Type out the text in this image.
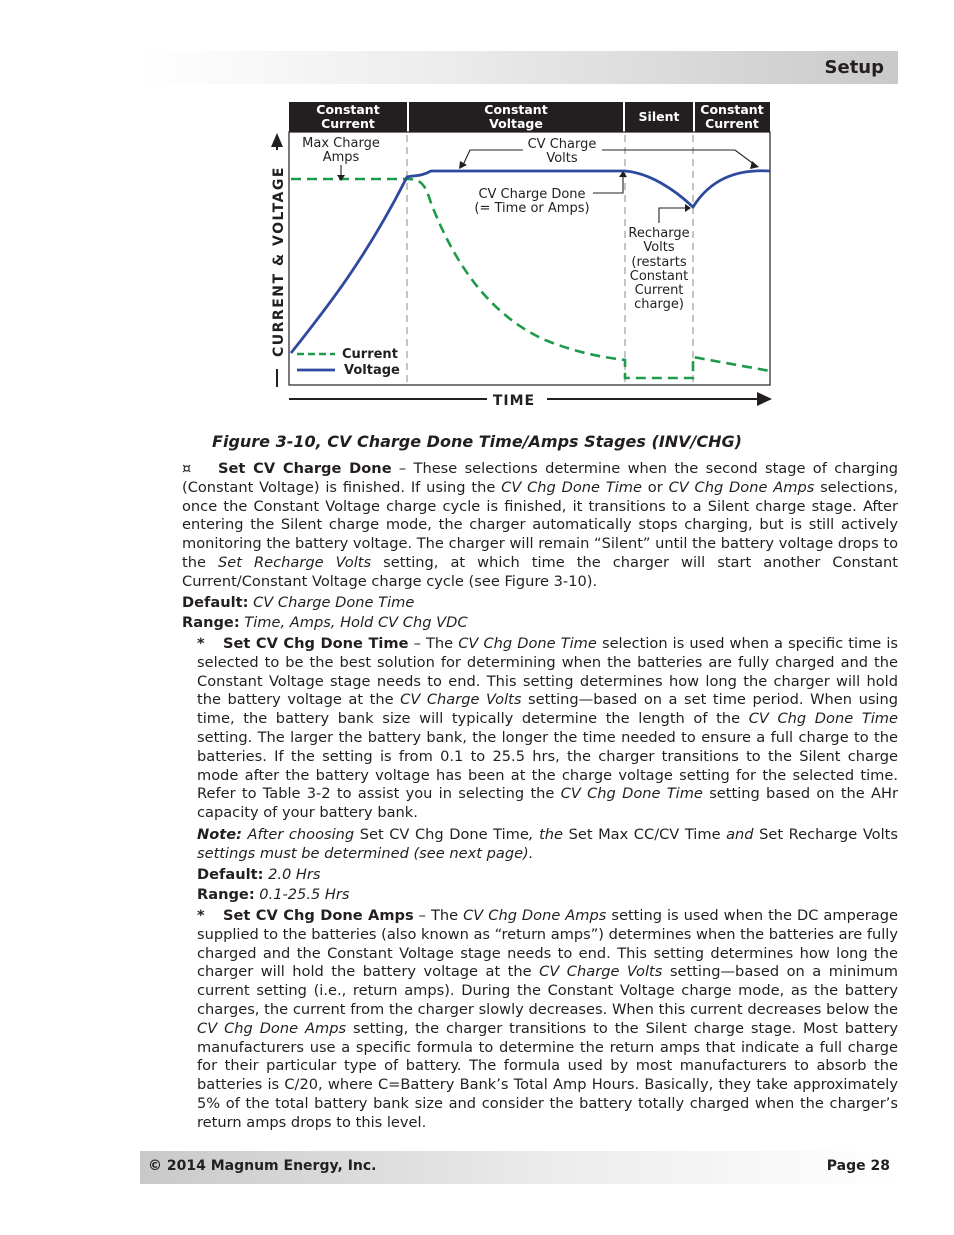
Setup
Constant
Current
Constant
Voltage	Silent Constant
Current
Max Charge
Amps
CV Charge
Volts
CV Charge Done
(= Time or Amps)
Recharge
Volts
(restarts
Constant
Current
charge)
Current
Voltage
CURRENT & VOLTAGE
TIME
Figure 3-10, CV Charge Done Time/Amps Stages (INV/CHG)

¤ Set CV Charge Done – These selections determine when the second stage of charging (Constant Voltage) is finished. If using the CV Chg Done Time or CV Chg Done Amps selections, once the Constant Voltage charge cycle is finished, it transitions to a Silent charge stage. After entering the Silent charge mode, the charger automatically stops charging, but is still actively monitoring the battery voltage. The charger will remain “Silent” until the battery voltage drops to the Set Recharge Volts setting, at which time the charger will start another Constant Current/Constant Voltage charge cycle (see Figure 3-10).

Default: CV Charge Done Time

Range: Time, Amps, Hold CV Chg VDC

* Set CV Chg Done Time – The CV Chg Done Time selection is used when a specific time is selected to be the best solution for determining when the batteries are fully charged and the Constant Voltage stage needs to end. This setting determines how long the charger will hold the battery voltage at the CV Charge Volts setting—based on a set time period. When using time, the battery bank size will typically determine the length of the CV Chg Done Time setting. The larger the battery bank, the longer the time needed to ensure a full charge to the batteries. If the setting is from 0.1 to 25.5 hrs, the charger transitions to the Silent charge mode after the battery voltage has been at the charge voltage setting for the selected time. Refer to Table 3-2 to assist you in selecting the CV Chg Done Time setting based on the AHr capacity of your battery bank.

Note: After choosing Set CV Chg Done Time, the Set Max CC/CV Time and Set Recharge Volts settings must be determined (see next page).

Default: 2.0 Hrs

Range: 0.1-25.5 Hrs

* Set CV Chg Done Amps – The CV Chg Done Amps setting is used when the DC amperage supplied to the batteries (also known as “return amps”) determines when the batteries are fully charged and the Constant Voltage stage needs to end. This setting determines how long the charger will hold the battery voltage at the CV Charge Volts setting—based on a minimum current setting (i.e., return amps). During the Constant Voltage charge mode, as the battery charges, the current from the charger slowly decreases. When this current decreases below the CV Chg Done Amps setting, the charger transitions to the Silent charge stage. Most battery manufacturers use a specific formula to determine the return amps that indicate a full charge for their particular type of battery. The formula used by most manufacturers to absorb the batteries is C/20, where C=Battery Bank’s Total Amp Hours. Basically, they take approximately 5% of the total battery bank size and consider the battery totally charged when the charger’s return amps drops to this level.

© 2014 Magnum Energy, Inc.	Page 28
